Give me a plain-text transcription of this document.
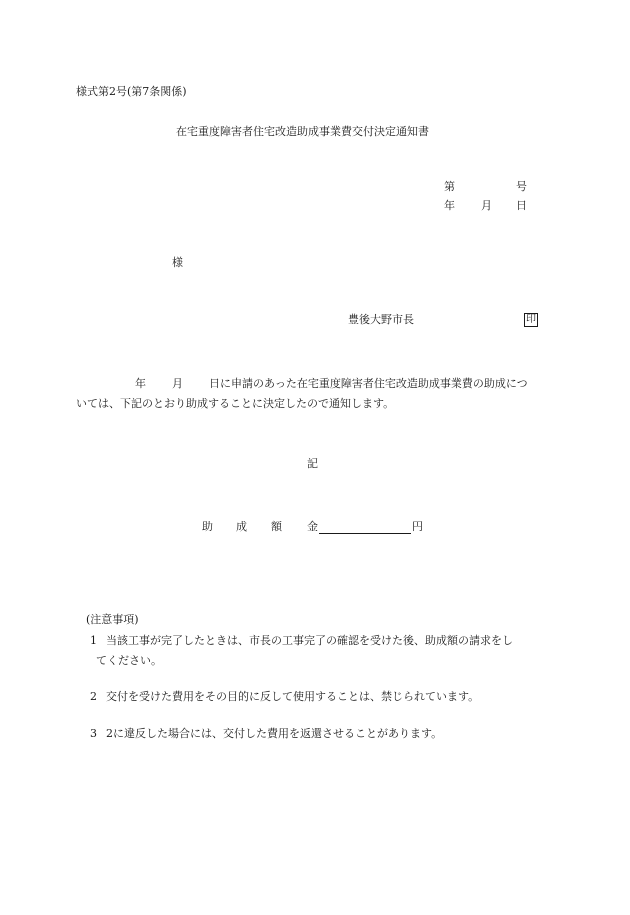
様式第2号(第7条関係)
在宅重度障害者住宅改造助成事業費交付決定通知書
第	号
年 月 日
様
豊後大野市長	印
年 月 日に申請のあった在宅重度障害者住宅改造助成事業費の助成につ
いては、下記のとおり助成することに決定したので通知します。
記
助 成 額 金	円
(注意事項)
1 当該工事が完了したときは、市長の工事完了の確認を受けた後、助成額の請求をし
てください。
2 交付を受けた費用をその目的に反して使用することは、禁じられています。
3 2に違反した場合には、交付した費用を返還させることがあります。
